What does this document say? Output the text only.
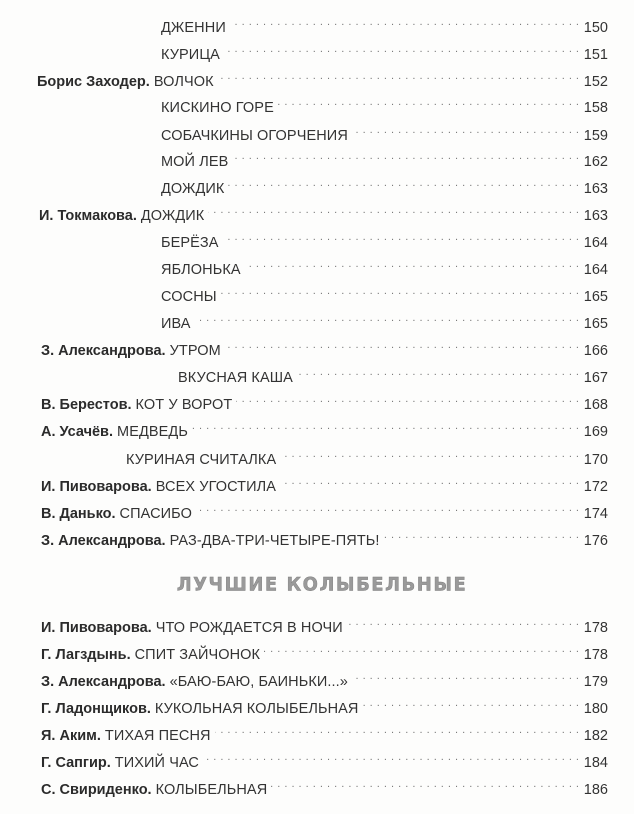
ДЖЕННИ . . .	150
КУРИЦА . . .	151
Борис Заходер. ВОЛЧОК . . .	152
КИСКИНО ГОРЕ . . .	158
СОБАЧКИНЫ ОГОРЧЕНИЯ . . .	159
МОЙ ЛЕВ . . .	162
ДОЖДИК . . .	163
И. Токмакова. ДОЖДИК . . .	163
БЕРЁЗА . . .	164
ЯБЛОНЬКА . . .	164
СОСНЫ . . .	165
ИВА . . .	165
З. Александрова. УТРОМ . . .	166
ВКУСНАЯ КАША . . .	167
В. Берестов. КОТ У ВОРОТ . . .	168
А. Усачёв. МЕДВЕДЬ . . .	169
КУРИНАЯ СЧИТАЛКА . . .	170
И. Пивоварова. ВСЕХ УГОСТИЛА . . .	172
В. Данько. СПАСИБО . . .	174
З. Александрова. РАЗ-ДВА-ТРИ-ЧЕТЫРЕ-ПЯТЬ! . . .	176
ЛУЧШИЕ КОЛЫБЕЛЬНЫЕ
И. Пивоварова. ЧТО РОЖДАЕТСЯ В НОЧИ . . .	178
Г. Лагздынь. СПИТ ЗАЙЧОНОК . . .	178
З. Александрова. «БАЮ-БАЮ, БАИНЬКИ...» . . .	179
Г. Ладонщиков. КУКОЛЬНАЯ КОЛЫБЕЛЬНАЯ . . .	180
Я. Аким. ТИХАЯ ПЕСНЯ . . .	182
Г. Сапгир. ТИХИЙ ЧАС . . .	184
С. Свириденко. КОЛЫБЕЛЬНАЯ . . .	186
